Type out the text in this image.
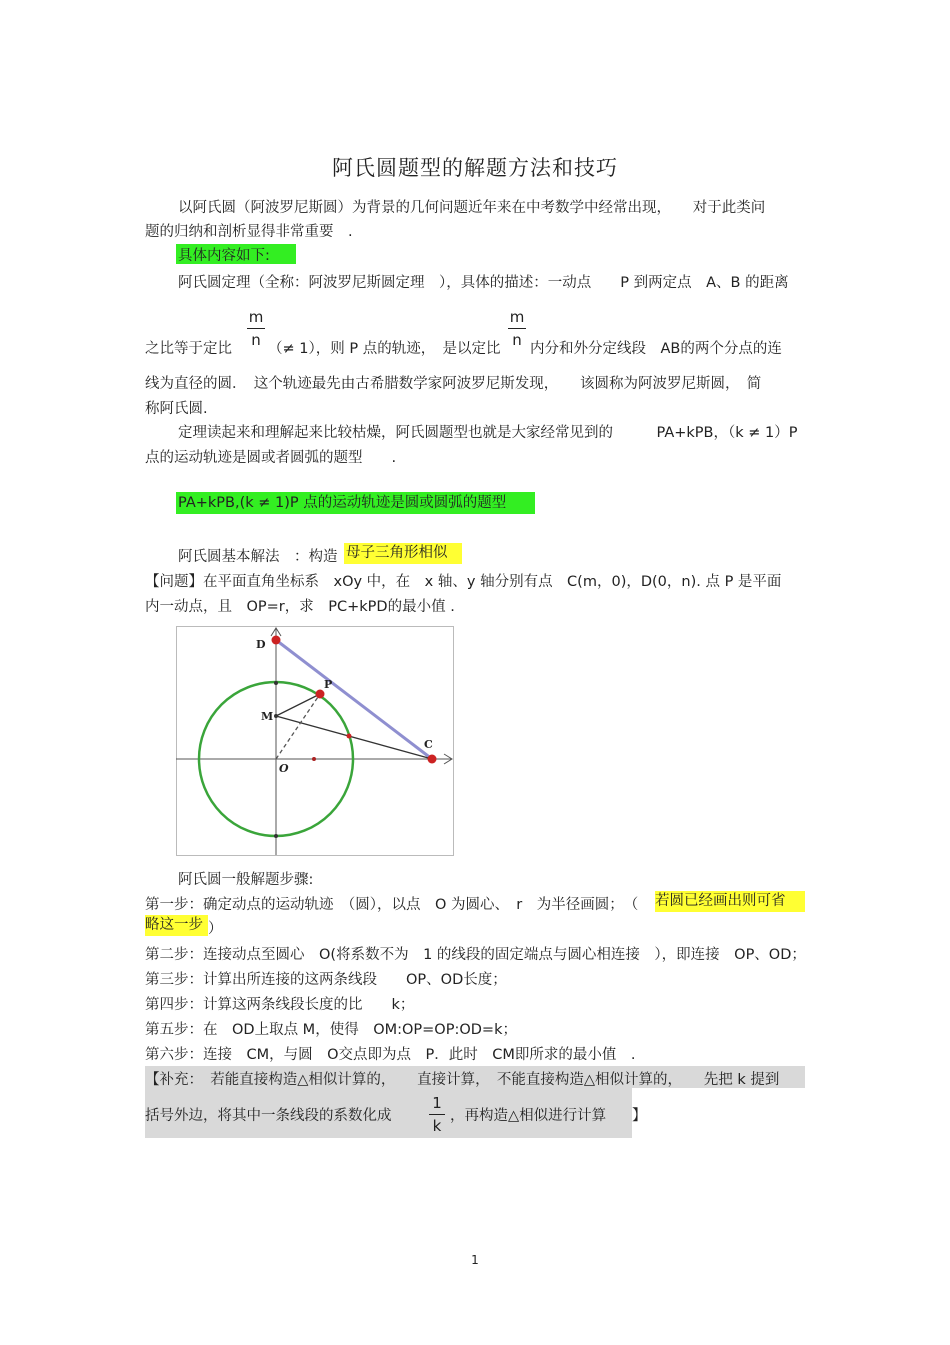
阿氏圆题型的解题方法和技巧
以阿氏圆（阿波罗尼斯圆）为背景的几何问题近年来在中考数学中经常出现，　　对于此类问
题的归纳和剖析显得非常重要　.
具体内容如下:
阿氏圆定理（全称：阿波罗尼斯圆定理　），具体的描述：一动点　　P 到两定点　A、B 的距离
m
n
m
n
之比等于定比 （≠ 1），则 P 点的轨迹，　是以定比 内分和外分定线段　AB的两个分点的连
线为直径的圆．　这个轨迹最先由古希腊数学家阿波罗尼斯发现，　　该圆称为阿波罗尼斯圆，　简
称阿氏圆.
定理读起来和理解起来比较枯燥，阿氏圆题型也就是大家经常见到的　　　PA+kPB，（k ≠ 1）P
点的运动轨迹是圆或者圆弧的题型　　.
PA+kPB,(k ≠ 1)P 点的运动轨迹是圆或圆弧的题型
阿氏圆基本解法　：构造 母子三角形相似
【问题】在平面直角坐标系　xOy 中，在　x 轴、y 轴分别有点　C(m，0)，D(0，n). 点 P 是平面
内一动点，且　OP=r，求　PC+kPD的最小值 .
D
P
M
C
O
阿氏圆一般解题步骤:
第一步：确定动点的运动轨迹　（圆），以点　O 为圆心、　r　为半径画圆；　（ 若圆已经画出则可省
略这一步 ）
第二步：连接动点至圆心　O(将系数不为　1 的线段的固定端点与圆心相连接　），即连接　OP、OD；
第三步：计算出所连接的这两条线段　　OP、OD长度；
第四步：计算这两条线段长度的比　　k；
第五步：在　OD上取点 M，使得　OM:OP=OP:OD=k；
第六步：连接　CM，与圆　O交点即为点　P．此时　CM即所求的最小值　.
【补充：　若能直接构造△相似计算的，　　直接计算，　不能直接构造△相似计算的，　　先把 k 提到
括号外边，将其中一条线段的系数化成
1
k
，再构造△相似进行计算 】
1
